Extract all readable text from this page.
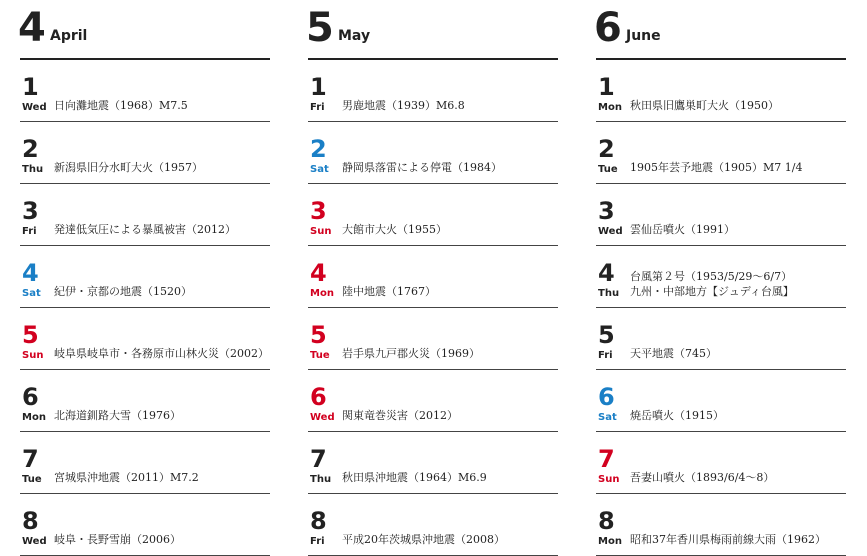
4 April
1
Wed 日向灘地震（1968）M7.5
2
Thu 新潟県旧分水町大火（1957）
3
Fri 発達低気圧による暴風被害（2012）
4
Sat 紀伊・京都の地震（1520）
5
Sun 岐阜県岐阜市・各務原市山林火災（2002）
6
Mon 北海道釧路大雪（1976）
7
Tue 宮城県沖地震（2011）M7.2
8
Wed 岐阜・長野雪崩（2006）
5 May
1
Fri 男鹿地震（1939）M6.8
2
Sat 静岡県落雷による停電（1984）
3
Sun 大館市大火（1955）
4
Mon 陸中地震（1767）
5
Tue 岩手県九戸郡火災（1969）
6
Wed 関東竜巻災害（2012）
7
Thu 秋田県沖地震（1964）M6.9
8
Fri 平成20年茨城県沖地震（2008）
6 June
1
Mon 秋田県旧鷹巣町大火（1950）
2
Tue 1905年芸予地震（1905）M7 1/4
3
Wed 雲仙岳噴火（1991）
4
Thu
台風第２号（1953/5/29～6/7）
九州・中部地方【ジュディ台風】
5
Fri 天平地震（745）
6
Sat 焼岳噴火（1915）
7
Sun 吾妻山噴火（1893/6/4～8）
8
Mon 昭和37年香川県梅雨前線大雨（1962）
